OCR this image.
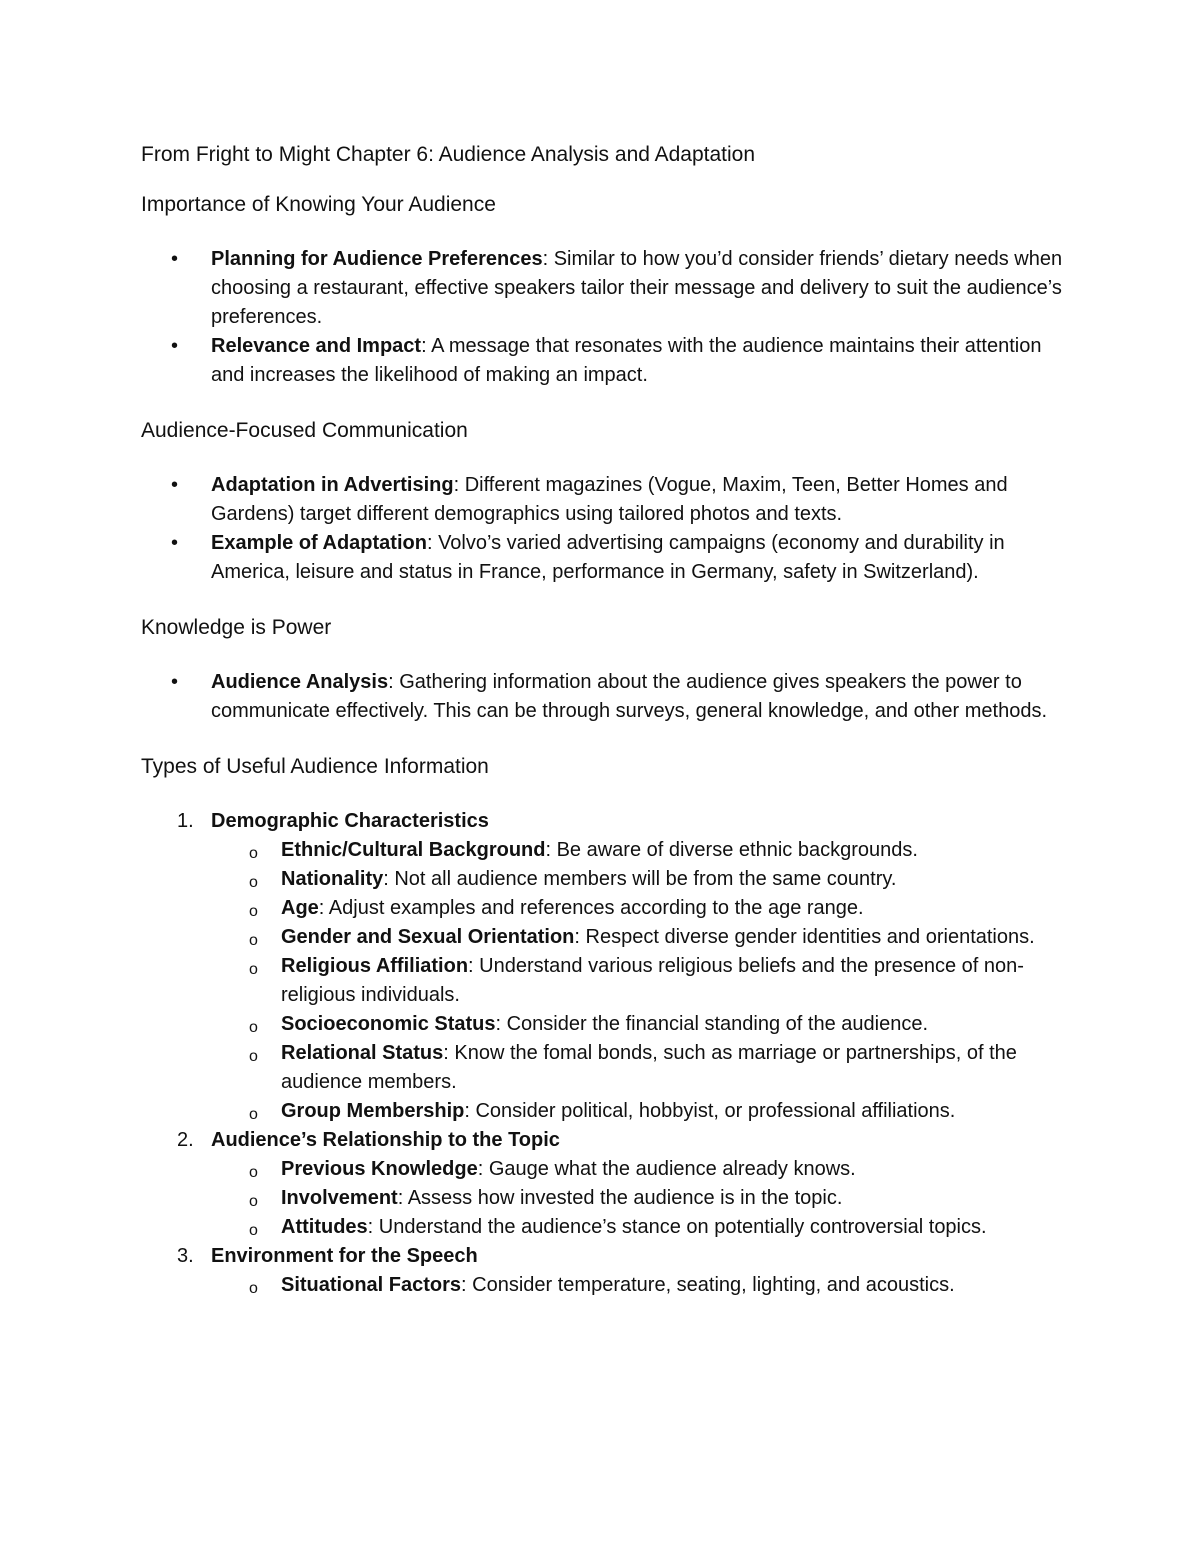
From Fright to Might Chapter 6: Audience Analysis and Adaptation
Importance of Knowing Your Audience
• Planning for Audience Preferences: Similar to how you’d consider friends’ dietary needs when choosing a restaurant, effective speakers tailor their message and delivery to suit the audience’s preferences.
• Relevance and Impact: A message that resonates with the audience maintains their attention and increases the likelihood of making an impact.
Audience-Focused Communication
• Adaptation in Advertising: Different magazines (Vogue, Maxim, Teen, Better Homes and Gardens) target different demographics using tailored photos and texts.
• Example of Adaptation: Volvo’s varied advertising campaigns (economy and durability in America, leisure and status in France, performance in Germany, safety in Switzerland).
Knowledge is Power
• Audience Analysis: Gathering information about the audience gives speakers the power to communicate effectively. This can be through surveys, general knowledge, and other methods.
Types of Useful Audience Information
1. Demographic Characteristics
o Ethnic/Cultural Background: Be aware of diverse ethnic backgrounds.
o Nationality: Not all audience members will be from the same country.
o Age: Adjust examples and references according to the age range.
o Gender and Sexual Orientation: Respect diverse gender identities and orientations.
o Religious Affiliation: Understand various religious beliefs and the presence of non-religious individuals.
o Socioeconomic Status: Consider the financial standing of the audience.
o Relational Status: Know the fomal bonds, such as marriage or partnerships, of the audience members.
o Group Membership: Consider political, hobbyist, or professional affiliations.
2. Audience’s Relationship to the Topic
o Previous Knowledge: Gauge what the audience already knows.
o Involvement: Assess how invested the audience is in the topic.
o Attitudes: Understand the audience’s stance on potentially controversial topics.
3. Environment for the Speech
o Situational Factors: Consider temperature, seating, lighting, and acoustics.
